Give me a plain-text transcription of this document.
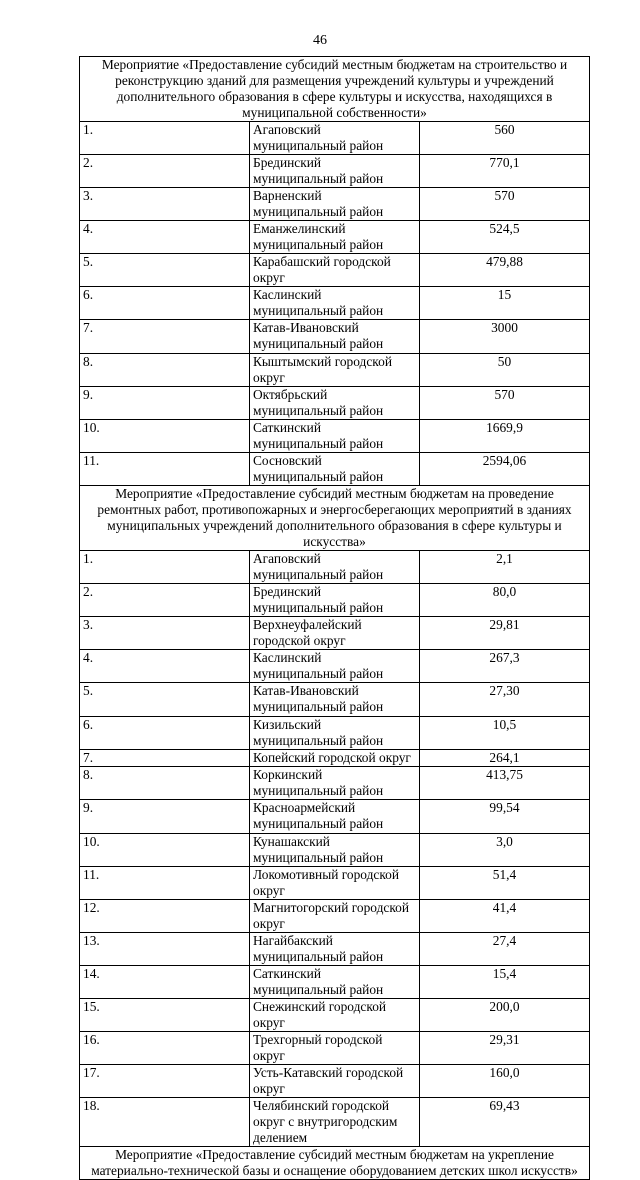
46
Мероприятие «Предоставление субсидий местным бюджетам на строительство и реконструкцию зданий для размещения учреждений культуры и учреждений дополнительного образования в сфере культуры и искусства, находящихся в муниципальной собственности»		
1.	Агаповский муниципальный район	560
2.	Брединский муниципальный район	770,1
3.	Варненский муниципальный район	570
4.	Еманжелинский муниципальный район	524,5
5.	Карабашский городской округ	479,88
6.	Каслинский муниципальный район	15
7.	Катав-Ивановский муниципальный район	3000
8.	Кыштымский городской округ	50
9.	Октябрьский муниципальный район	570
10.	Саткинский муниципальный район	1669,9
11.	Сосновский муниципальный район	2594,06
Мероприятие «Предоставление субсидий местным бюджетам на проведение ремонтных работ, противопожарных и энергосберегающих мероприятий в зданиях муниципальных учреждений дополнительного образования в сфере культуры и искусства»		
1.	Агаповский муниципальный район	2,1
2.	Брединский муниципальный район	80,0
3.	Верхнеуфалейский городской округ	29,81
4.	Каслинский муниципальный район	267,3
5.	Катав-Ивановский муниципальный район	27,30
6.	Кизильский муниципальный район	10,5
7.	Копейский городской округ	264,1
8.	Коркинский муниципальный район	413,75
9.	Красноармейский муниципальный район	99,54
10.	Кунашакский муниципальный район	3,0
11.	Локомотивный городской округ	51,4
12.	Магнитогорский городской округ	41,4
13.	Нагайбакский муниципальный район	27,4
14.	Саткинский муниципальный район	15,4
15.	Снежинский городской округ	200,0
16.	Трехгорный городской округ	29,31
17.	Усть-Катавский городской округ	160,0
18.	Челябинский городской округ с внутригородским делением	69,43
Мероприятие «Предоставление субсидий местным бюджетам на укрепление материально-технической базы и оснащение оборудованием детских школ искусств»		
